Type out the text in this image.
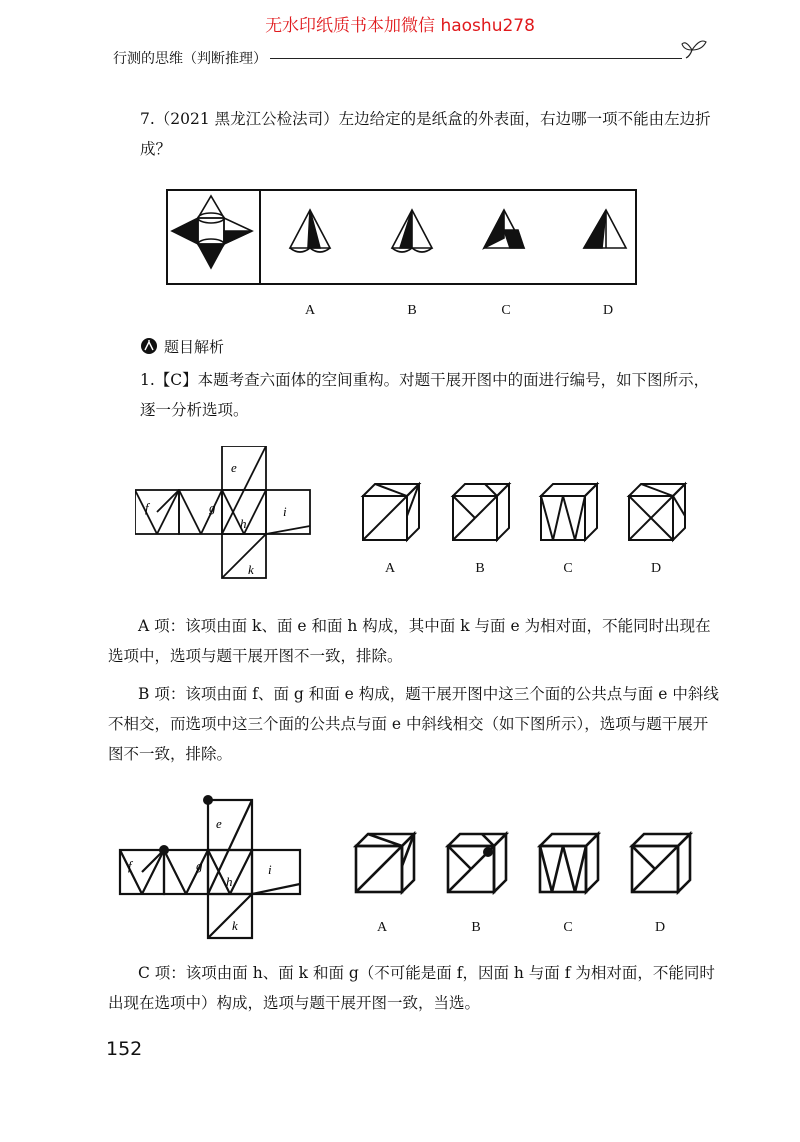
无水印纸质书本加微信 haoshu278
行测的思维（判断推理）
7.（2021 黑龙江公检法司）左边给定的是纸盒的外表面，右边哪一项不能由左边折成？
A	B	C	D
题目解析
1.【C】本题考查六面体的空间重构。对题干展开图中的面进行编号，如下图所示，逐一分析选项。
e
f	g
h
i
k	A	B	C	D
A 项：该项由面 k、面 e 和面 h 构成，其中面 k 与面 e 为相对面，不能同时出现在选项中，选项与题干展开图不一致，排除。
B 项：该项由面 f、面 g 和面 e 构成，题干展开图中这三个面的公共点与面 e 中斜线不相交，而选项中这三个面的公共点与面 e 中斜线相交（如下图所示），选项与题干展开图不一致，排除。
e
f	g
h
i
k	A	B	C	D
C 项：该项由面 h、面 k 和面 g（不可能是面 f，因面 h 与面 f 为相对面，不能同时出现在选项中）构成，选项与题干展开图一致，当选。
152
